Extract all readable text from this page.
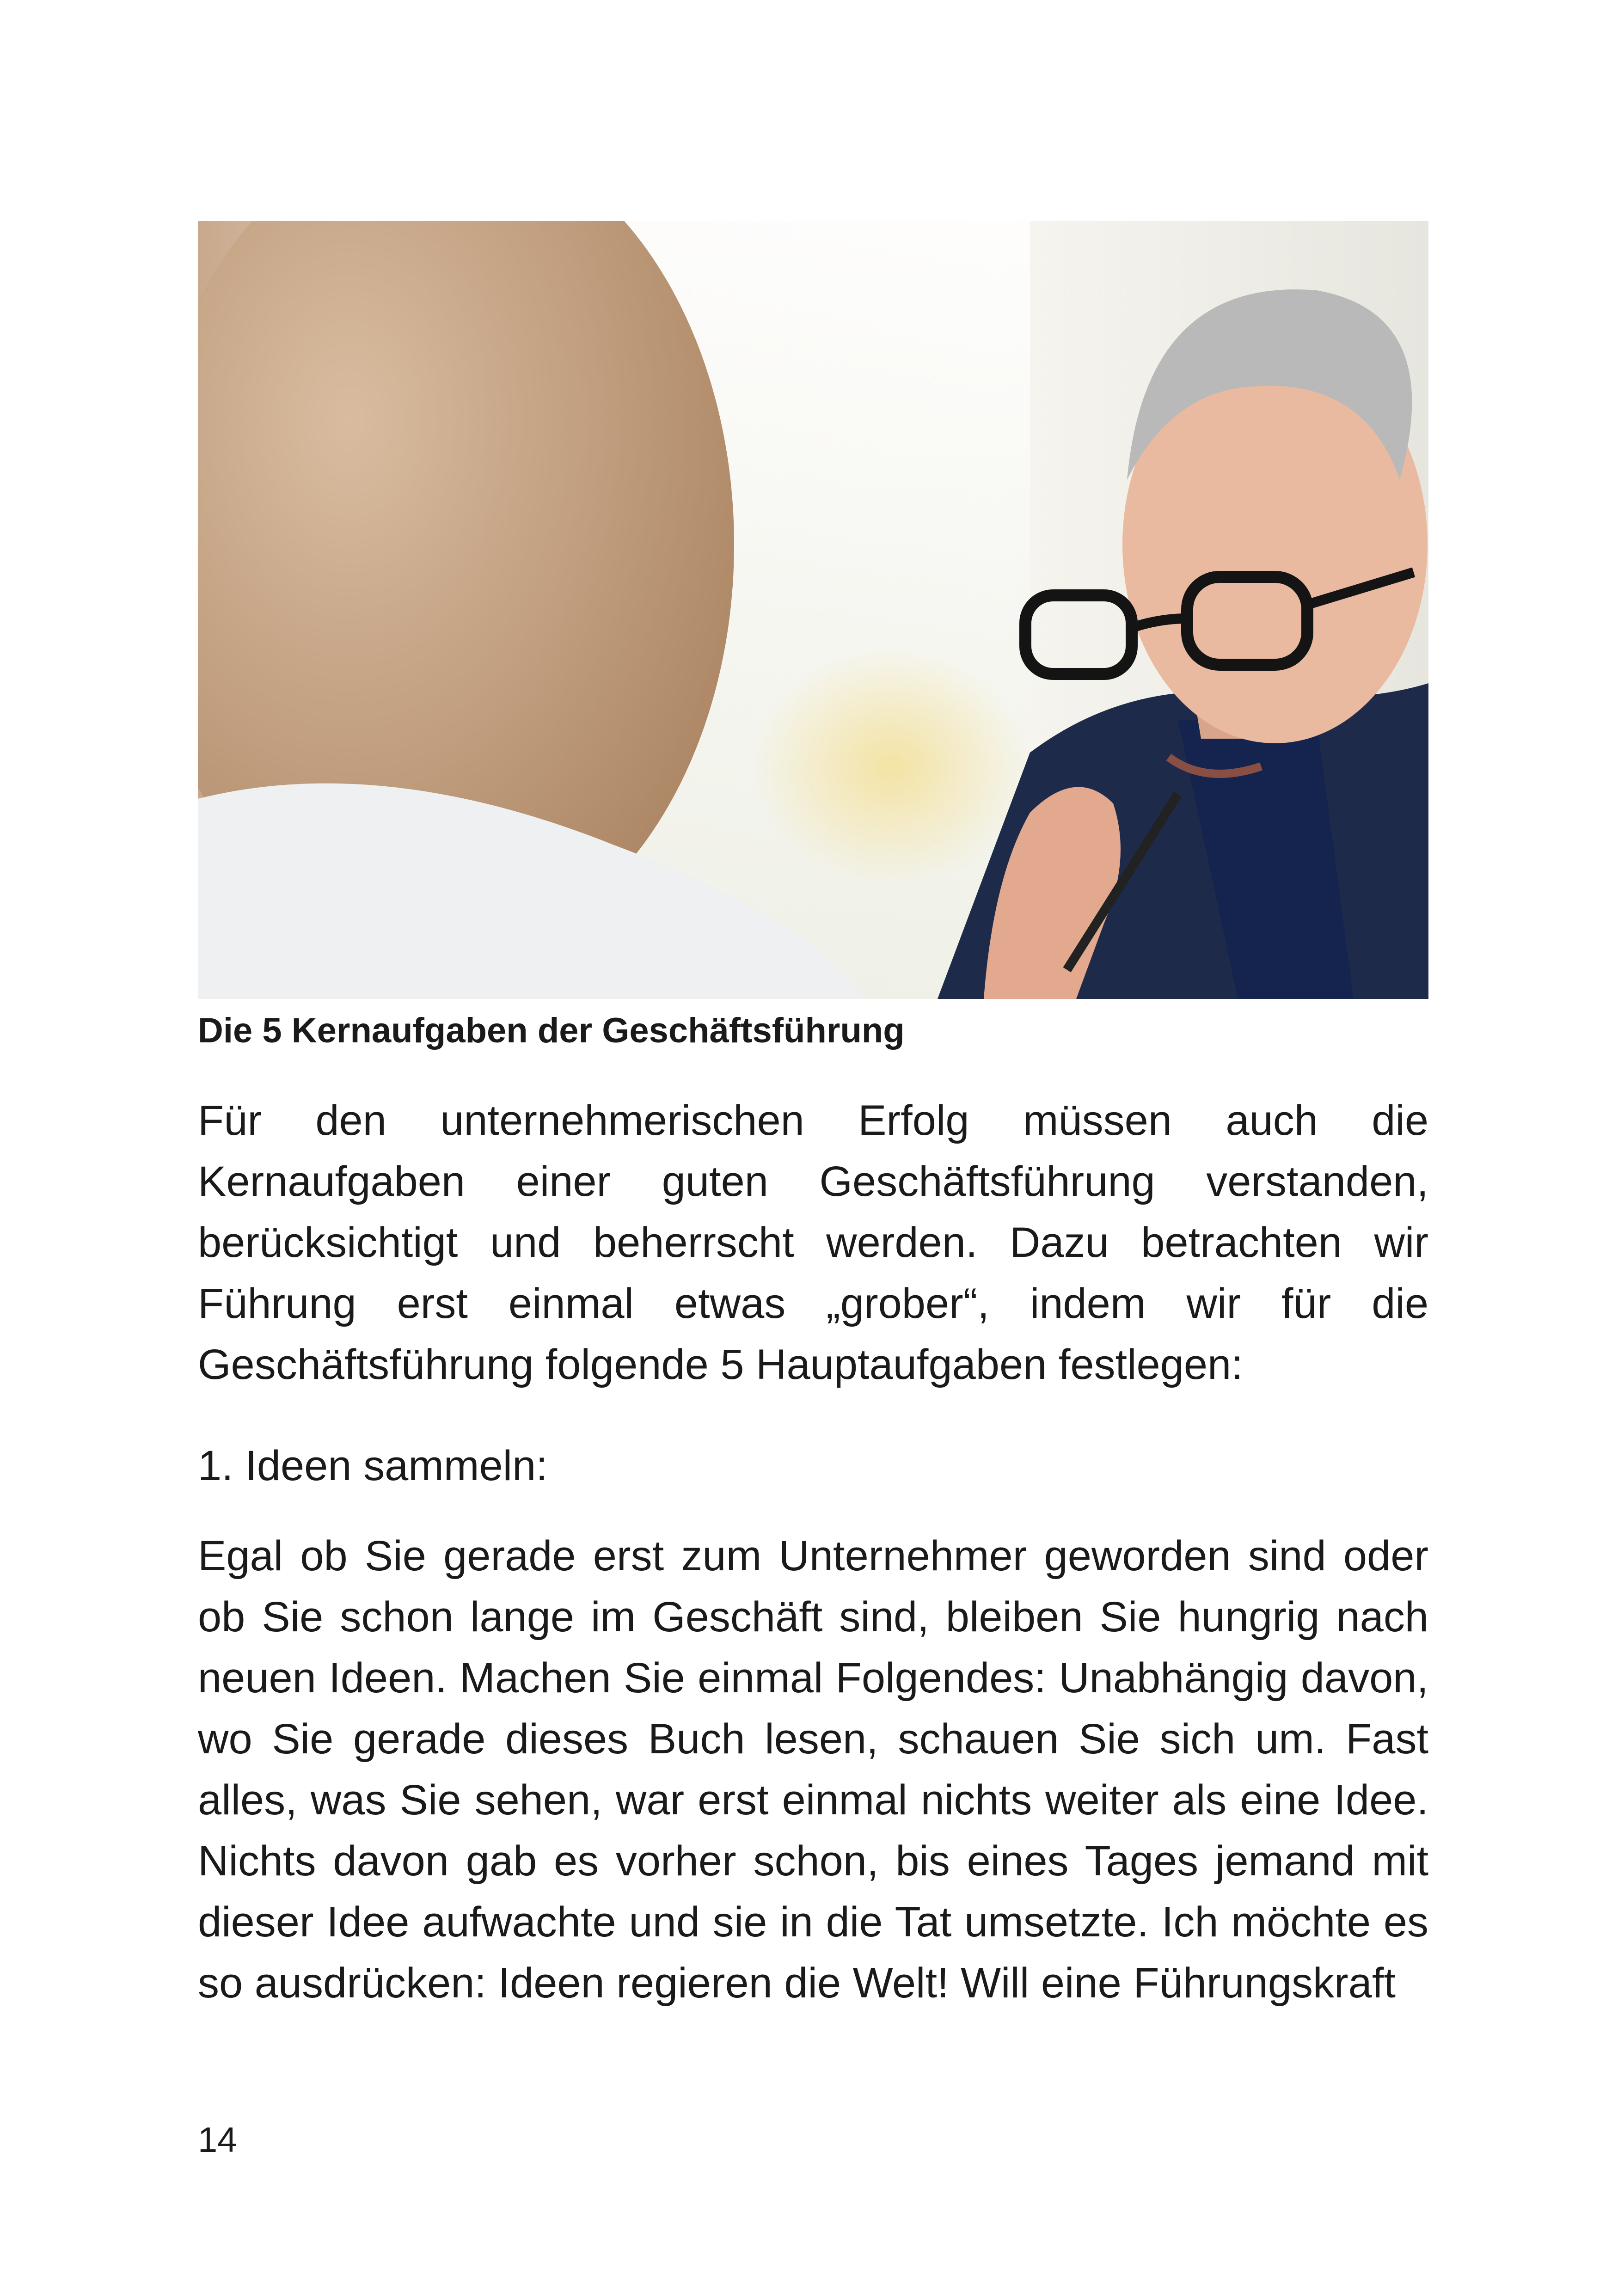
Die 5 Kernaufgaben der Geschäftsführung

Für den unternehmerischen Erfolg müssen auch die Kernaufgaben einer guten Geschäftsführung verstanden, berücksichtigt und beherrscht werden. Dazu betrachten wir Führung erst einmal etwas „grober“, indem wir für die Geschäftsführung folgende 5 Hauptaufgaben festlegen:

1. Ideen sammeln:

Egal ob Sie gerade erst zum Unternehmer geworden sind oder ob Sie schon lange im Geschäft sind, bleiben Sie hungrig nach neuen Ideen. Machen Sie einmal Folgendes: Unabhängig davon, wo Sie gerade dieses Buch lesen, schauen Sie sich um. Fast alles, was Sie sehen, war erst einmal nichts weiter als eine Idee. Nichts davon gab es vorher schon, bis eines Tages jemand mit dieser Idee aufwachte und sie in die Tat umsetzte. Ich möchte es so ausdrücken: Ideen regieren die Welt! Will eine Führungskraft

14
